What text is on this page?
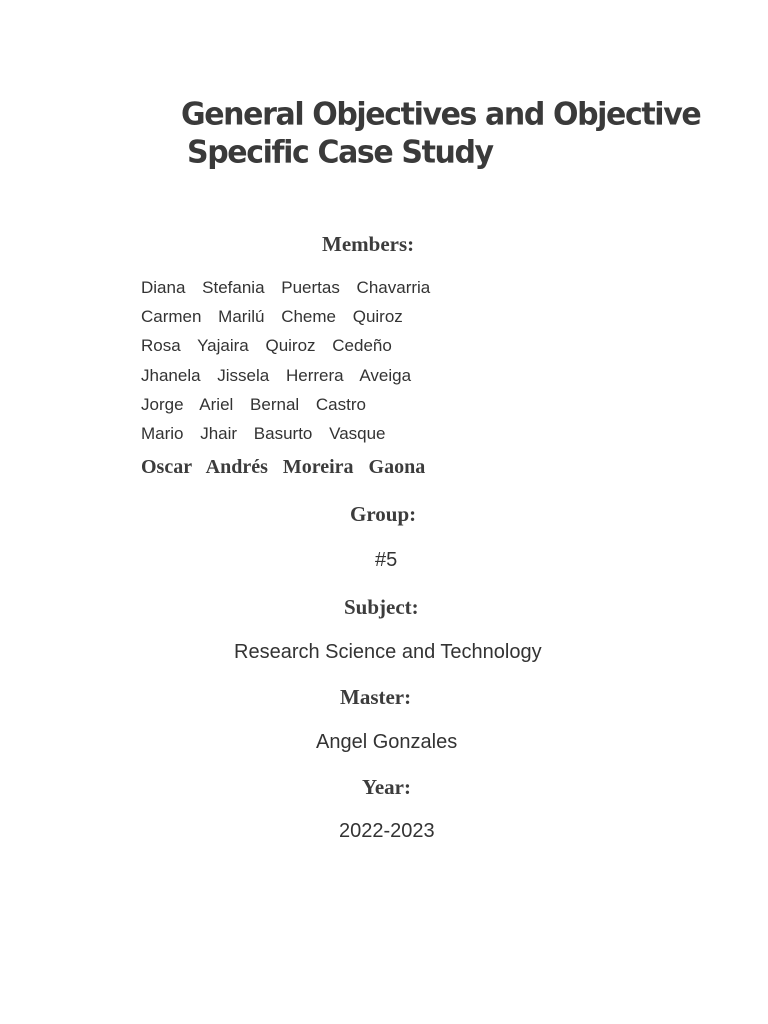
General Objectives and Objective
Specific Case Study
Members:
Diana Stefania Puertas Chavarria
Carmen Marilú Cheme Quiroz
Rosa Yajaira Quiroz Cedeño
Jhanela Jissela Herrera Aveiga
Jorge Ariel Bernal Castro
Mario Jhair Basurto Vasque
Oscar Andrés Moreira Gaona
Group:
#5
Subject:
Research Science and Technology
Master:
Angel Gonzales
Year:
2022-2023
